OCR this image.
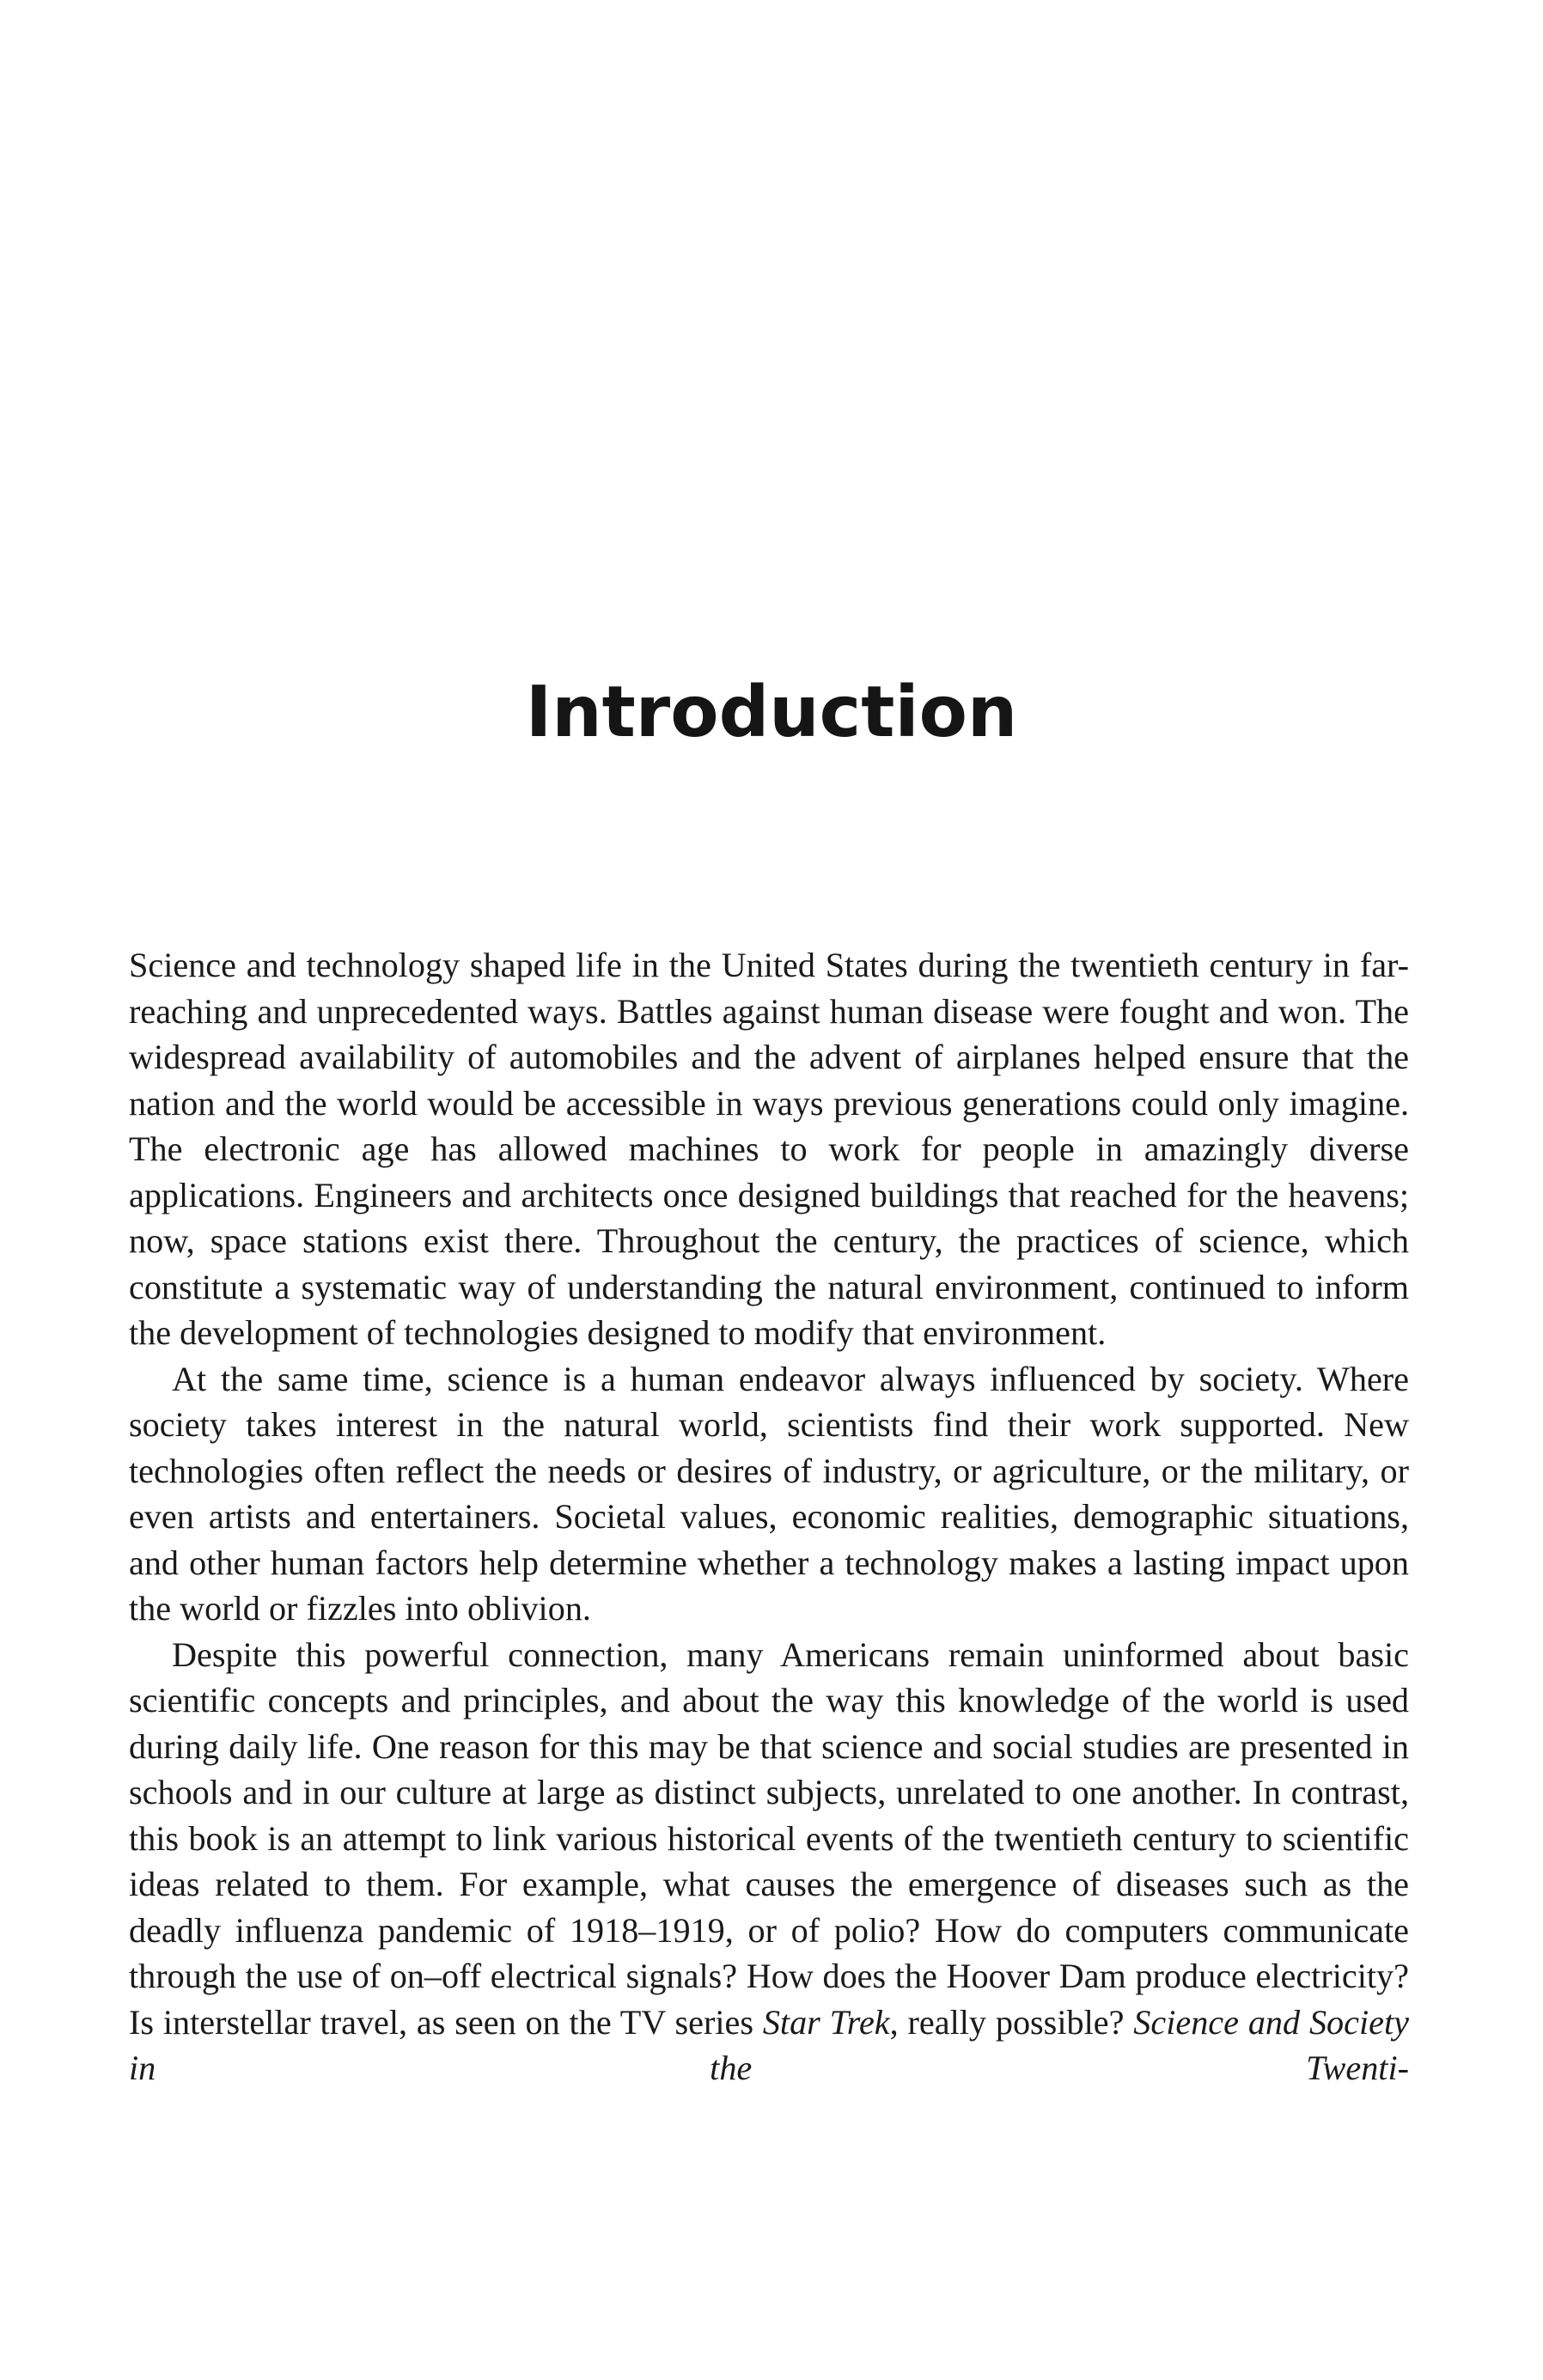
Introduction

Science and technology shaped life in the United States during the twentieth century in far-reaching and unprecedented ways. Battles against human disease were fought and won. The widespread availability of automobiles and the advent of airplanes helped ensure that the nation and the world would be accessible in ways previous generations could only imagine. The electronic age has allowed machines to work for people in amazingly diverse applications. Engineers and architects once designed buildings that reached for the heavens; now, space stations exist there. Throughout the century, the practices of science, which constitute a systematic way of understanding the natural environment, continued to inform the development of technologies designed to modify that environment.

At the same time, science is a human endeavor always influenced by society. Where society takes interest in the natural world, scientists find their work supported. New technologies often reflect the needs or desires of industry, or agriculture, or the military, or even artists and entertainers. Societal values, economic realities, demographic situations, and other human factors help determine whether a technology makes a lasting impact upon the world or fizzles into oblivion.

Despite this powerful connection, many Americans remain uninformed about basic scientific concepts and principles, and about the way this knowledge of the world is used during daily life. One reason for this may be that science and social studies are presented in schools and in our culture at large as distinct subjects, unrelated to one another. In contrast, this book is an attempt to link various historical events of the twentieth century to scientific ideas related to them. For example, what causes the emergence of diseases such as the deadly influenza pandemic of 1918–1919, or of polio? How do computers communicate through the use of on–off electrical signals? How does the Hoover Dam produce electricity? Is interstellar travel, as seen on the TV series Star Trek, really possible? Science and Society in the Twenti-
